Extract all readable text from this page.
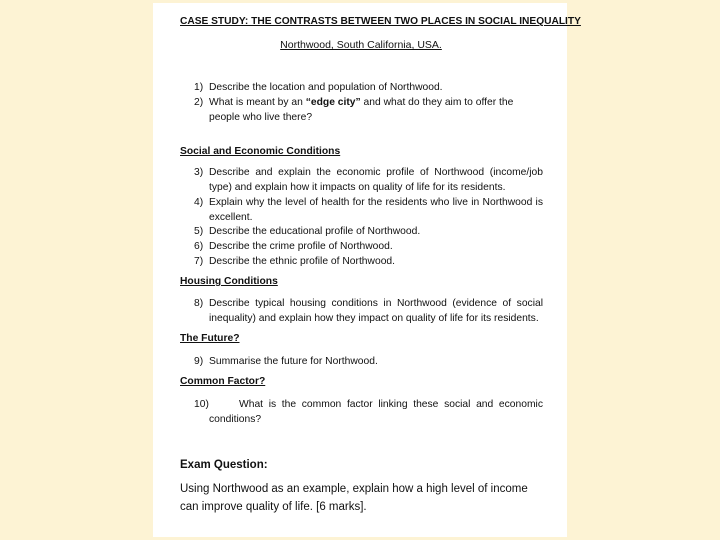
CASE STUDY: THE CONTRASTS BETWEEN TWO PLACES IN SOCIAL INEQUALITY
Northwood, South California, USA.
1) Describe the location and population of Northwood.
2) What is meant by an “edge city” and what do they aim to offer the people who live there?
Social and Economic Conditions
3) Describe and explain the economic profile of Northwood (income/job type) and explain how it impacts on quality of life for its residents.
4) Explain why the level of health for the residents who live in Northwood is excellent.
5) Describe the educational profile of Northwood.
6) Describe the crime profile of Northwood.
7) Describe the ethnic profile of Northwood.
Housing Conditions
8) Describe typical housing conditions in Northwood (evidence of social inequality) and explain how they impact on quality of life for its residents.
The Future?
9) Summarise the future for Northwood.
Common Factor?
10)	What is the common factor linking these social and economic conditions?
Exam Question:
Using Northwood as an example, explain how a high level of income can improve quality of life. [6 marks].
